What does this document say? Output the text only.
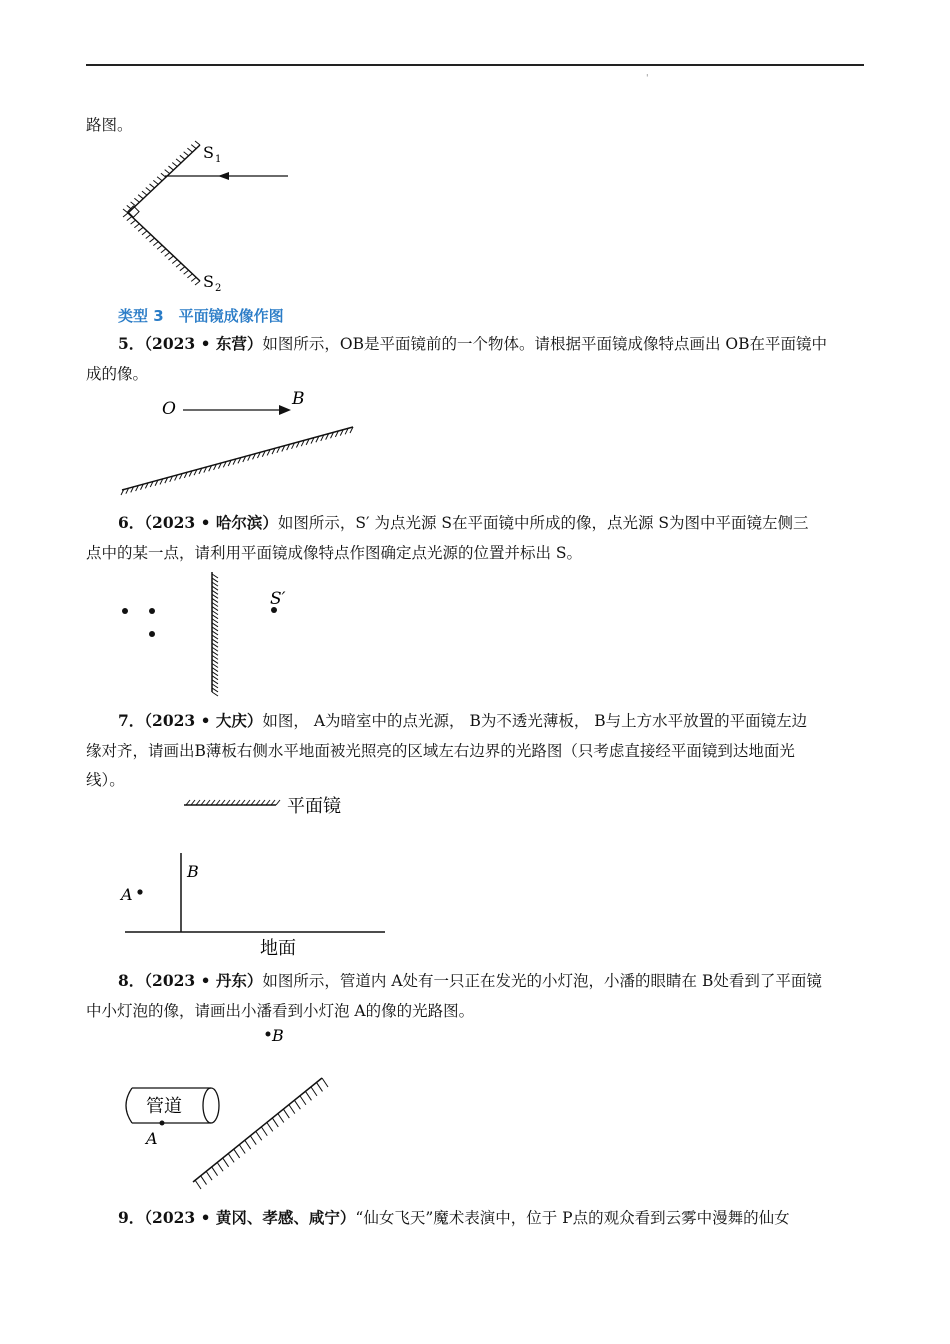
'
路图。
S 1
S 2
类型 3　平面镜成像作图
5．（2023 • 东营）如图所示，OB是平面镜前的一个物体。请根据平面镜成像特点画出 OB在平面镜中
成的像。
O	B
6．（2023 • 哈尔滨）如图所示，S′ 为点光源 S在平面镜中所成的像，点光源 S为图中平面镜左侧三
点中的某一点，请利用平面镜成像特点作图确定点光源的位置并标出 S。
S′
7．（2023 • 大庆）如图， A为暗室中的点光源， B为不透光薄板， B与上方水平放置的平面镜左边
缘对齐，请画出B薄板右侧水平地面被光照亮的区域左右边界的光路图（只考虑直接经平面镜到达地面光
线）。
平面镜
B
A
地面
8．（2023 • 丹东）如图所示，管道内 A处有一只正在发光的小灯泡，小潘的眼睛在 B处看到了平面镜
中小灯泡的像，请画出小潘看到小灯泡 A的像的光路图。
B
管道
A
9．（2023 • 黄冈、孝感、咸宁）“仙女飞天”魔术表演中，位于 P点的观众看到云雾中漫舞的仙女
